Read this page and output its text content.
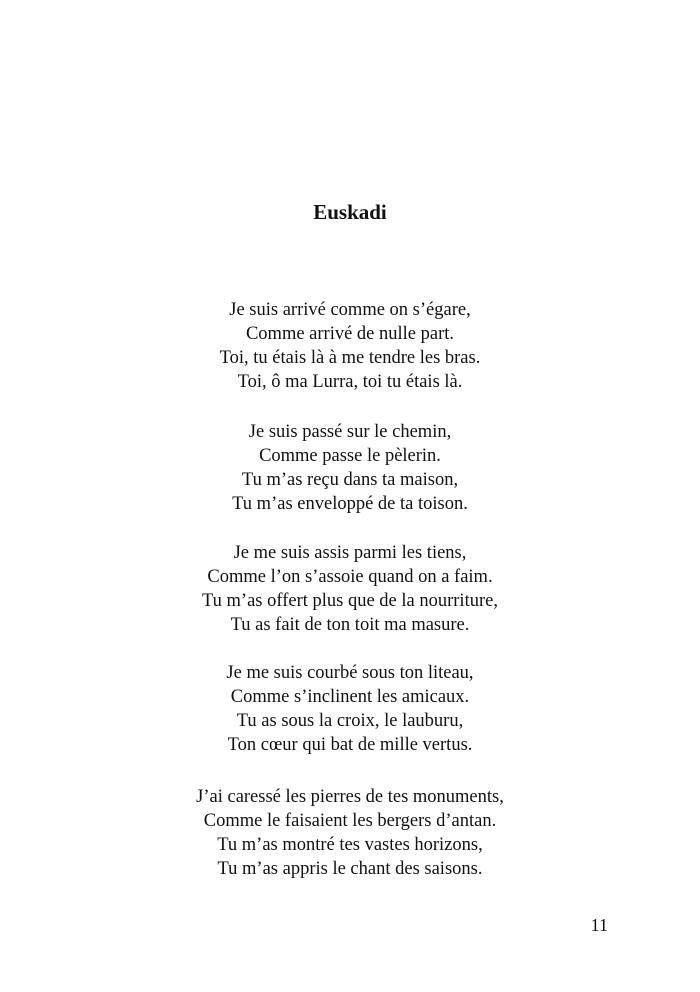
Euskadi
Je suis arrivé comme on s’égare,
Comme arrivé de nulle part.
Toi, tu étais là à me tendre les bras.
Toi, ô ma Lurra, toi tu étais là.
Je suis passé sur le chemin,
Comme passe le pèlerin.
Tu m’as reçu dans ta maison,
Tu m’as enveloppé de ta toison.
Je me suis assis parmi les tiens,
Comme l’on s’assoie quand on a faim.
Tu m’as offert plus que de la nourriture,
Tu as fait de ton toit ma masure.
Je me suis courbé sous ton liteau,
Comme s’inclinent les amicaux.
Tu as sous la croix, le lauburu,
Ton cœur qui bat de mille vertus.
J’ai caressé les pierres de tes monuments,
Comme le faisaient les bergers d’antan.
Tu m’as montré tes vastes horizons,
Tu m’as appris le chant des saisons.
11
